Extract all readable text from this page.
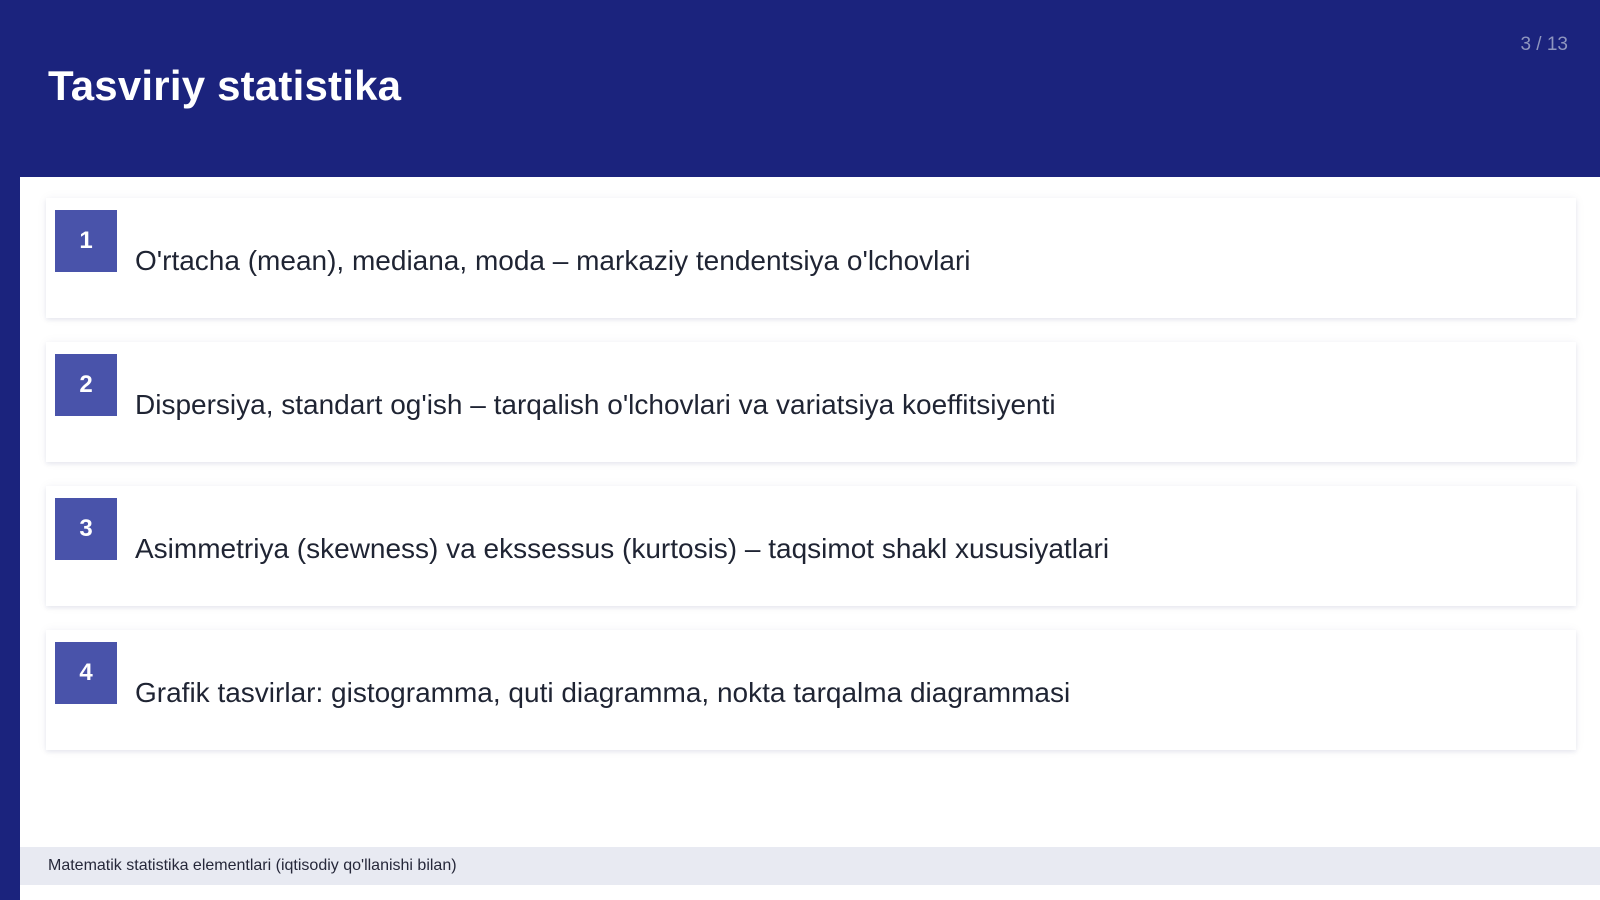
Tasviriy statistika
3 / 13
1
O'rtacha (mean), mediana, moda – markaziy tendentsiya o'lchovlari
2
Dispersiya, standart og'ish – tarqalish o'lchovlari va variatsiya koeffitsiyenti
3
Asimmetriya (skewness) va ekssessus (kurtosis) – taqsimot shakl xususiyatlari
4
Grafik tasvirlar: gistogramma, quti diagramma, nokta tarqalma diagrammasi
Matematik statistika elementlari (iqtisodiy qo'llanishi bilan)
